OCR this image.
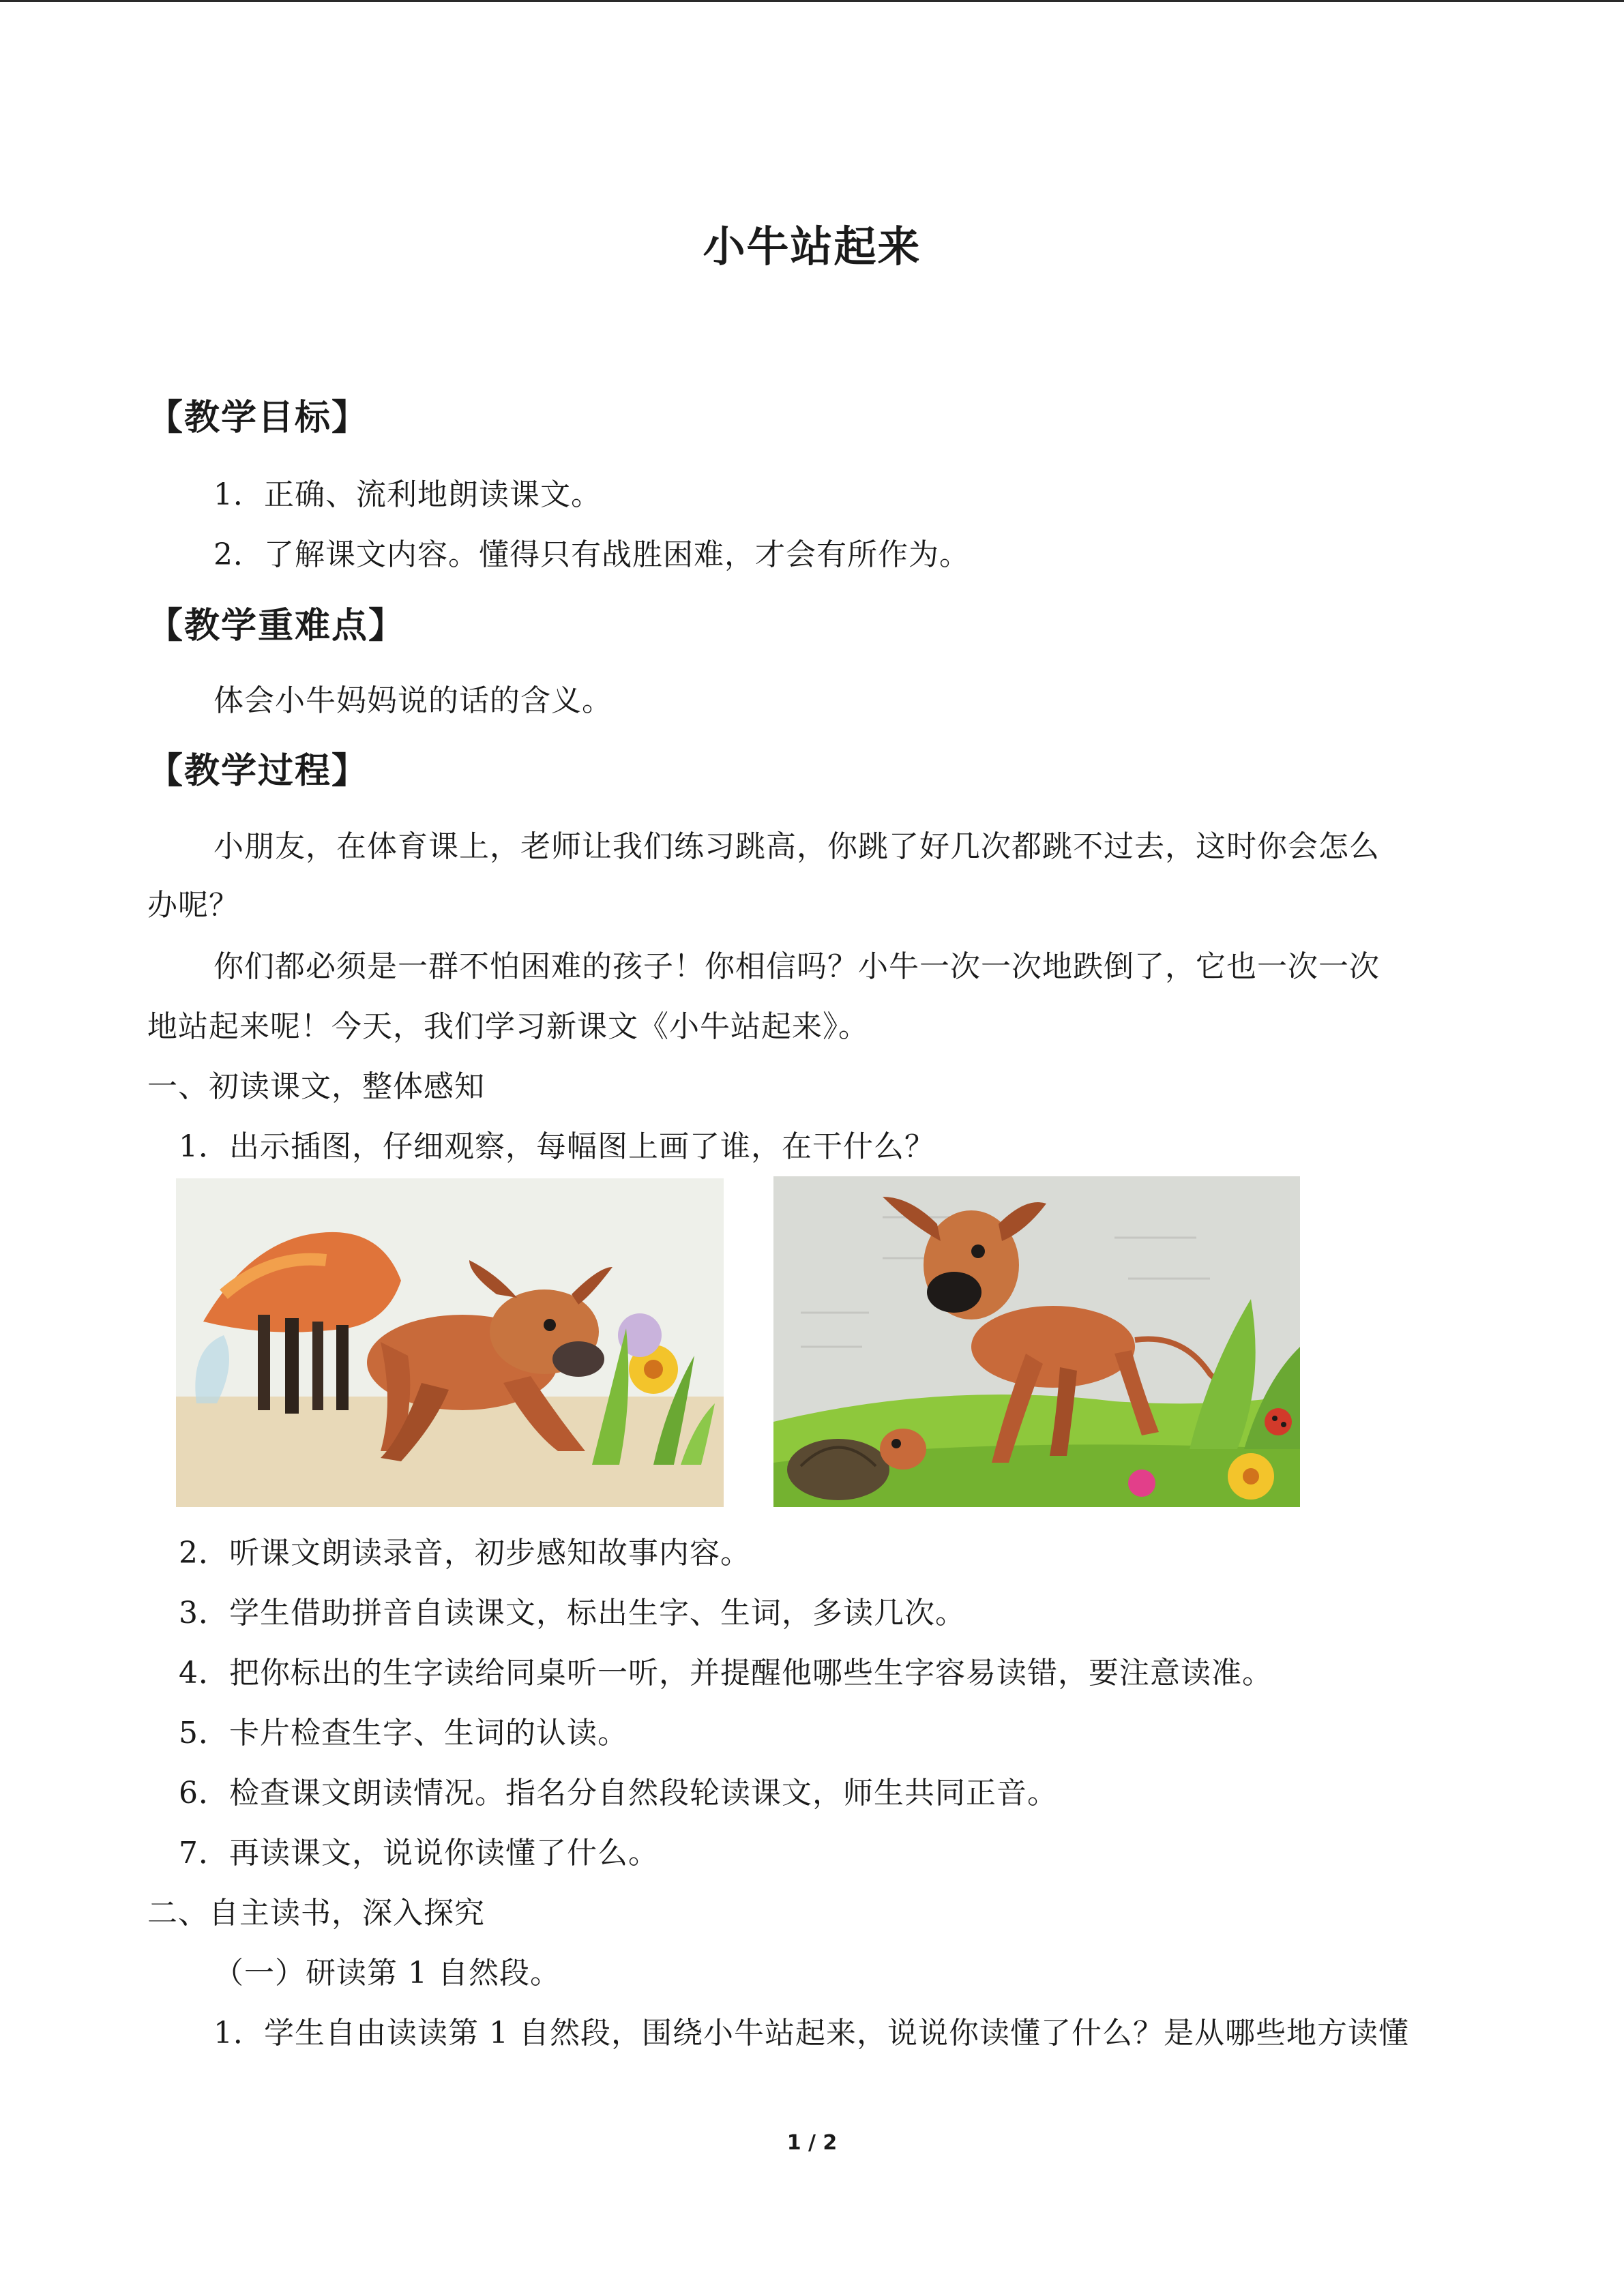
小牛站起来
【教学目标】

1．正确、流利地朗读课文。

2．了解课文内容。懂得只有战胜困难，才会有所作为。

【教学重难点】

体会小牛妈妈说的话的含义。

【教学过程】

小朋友，在体育课上，老师让我们练习跳高，你跳了好几次都跳不过去，这时你会怎么

办呢？

你们都必须是一群不怕困难的孩子！你相信吗？小牛一次一次地跌倒了，它也一次一次

地站起来呢！今天，我们学习新课文《小牛站起来》。

一、初读课文，整体感知

1．出示插图，仔细观察，每幅图上画了谁，在干什么？

2．听课文朗读录音，初步感知故事内容。

3．学生借助拼音自读课文，标出生字、生词，多读几次。

4．把你标出的生字读给同桌听一听，并提醒他哪些生字容易读错，要注意读准。

5．卡片检查生字、生词的认读。

6．检查课文朗读情况。指名分自然段轮读课文，师生共同正音。

7．再读课文，说说你读懂了什么。

二、自主读书，深入探究

（一）研读第 1 自然段。

1．学生自由读读第 1 自然段，围绕小牛站起来，说说你读懂了什么？是从哪些地方读懂

1 / 2
